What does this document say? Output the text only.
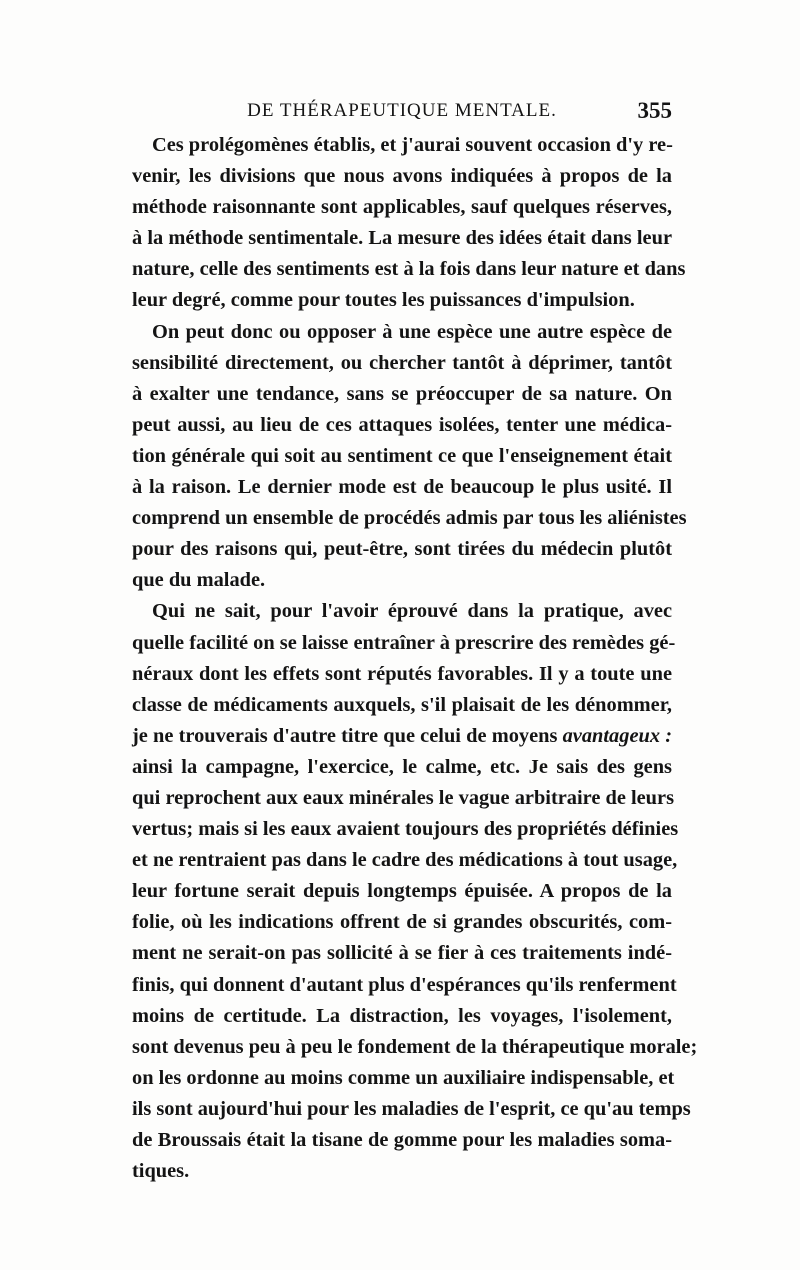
DE THÉRAPEUTIQUE MENTALE.	355
Ces prolégomènes établis, et j'aurai souvent occasion d'y re-
venir, les divisions que nous avons indiquées à propos de la
méthode raisonnante sont applicables, sauf quelques réserves,
à la méthode sentimentale. La mesure des idées était dans leur
nature, celle des sentiments est à la fois dans leur nature et dans
leur degré, comme pour toutes les puissances d'impulsion.
On peut donc ou opposer à une espèce une autre espèce de
sensibilité directement, ou chercher tantôt à déprimer, tantôt
à exalter une tendance, sans se préoccuper de sa nature. On
peut aussi, au lieu de ces attaques isolées, tenter une médica-
tion générale qui soit au sentiment ce que l'enseignement était
à la raison. Le dernier mode est de beaucoup le plus usité. Il
comprend un ensemble de procédés admis par tous les aliénistes
pour des raisons qui, peut-être, sont tirées du médecin plutôt
que du malade.
Qui ne sait, pour l'avoir éprouvé dans la pratique, avec
quelle facilité on se laisse entraîner à prescrire des remèdes gé-
néraux dont les effets sont réputés favorables. Il y a toute une
classe de médicaments auxquels, s'il plaisait de les dénommer,
je ne trouverais d'autre titre que celui de moyens avantageux :
ainsi la campagne, l'exercice, le calme, etc. Je sais des gens
qui reprochent aux eaux minérales le vague arbitraire de leurs
vertus; mais si les eaux avaient toujours des propriétés définies
et ne rentraient pas dans le cadre des médications à tout usage,
leur fortune serait depuis longtemps épuisée. A propos de la
folie, où les indications offrent de si grandes obscurités, com-
ment ne serait-on pas sollicité à se fier à ces traitements indé-
finis, qui donnent d'autant plus d'espérances qu'ils renferment
moins de certitude. La distraction, les voyages, l'isolement,
sont devenus peu à peu le fondement de la thérapeutique morale;
on les ordonne au moins comme un auxiliaire indispensable, et
ils sont aujourd'hui pour les maladies de l'esprit, ce qu'au temps
de Broussais était la tisane de gomme pour les maladies soma-
tiques.
